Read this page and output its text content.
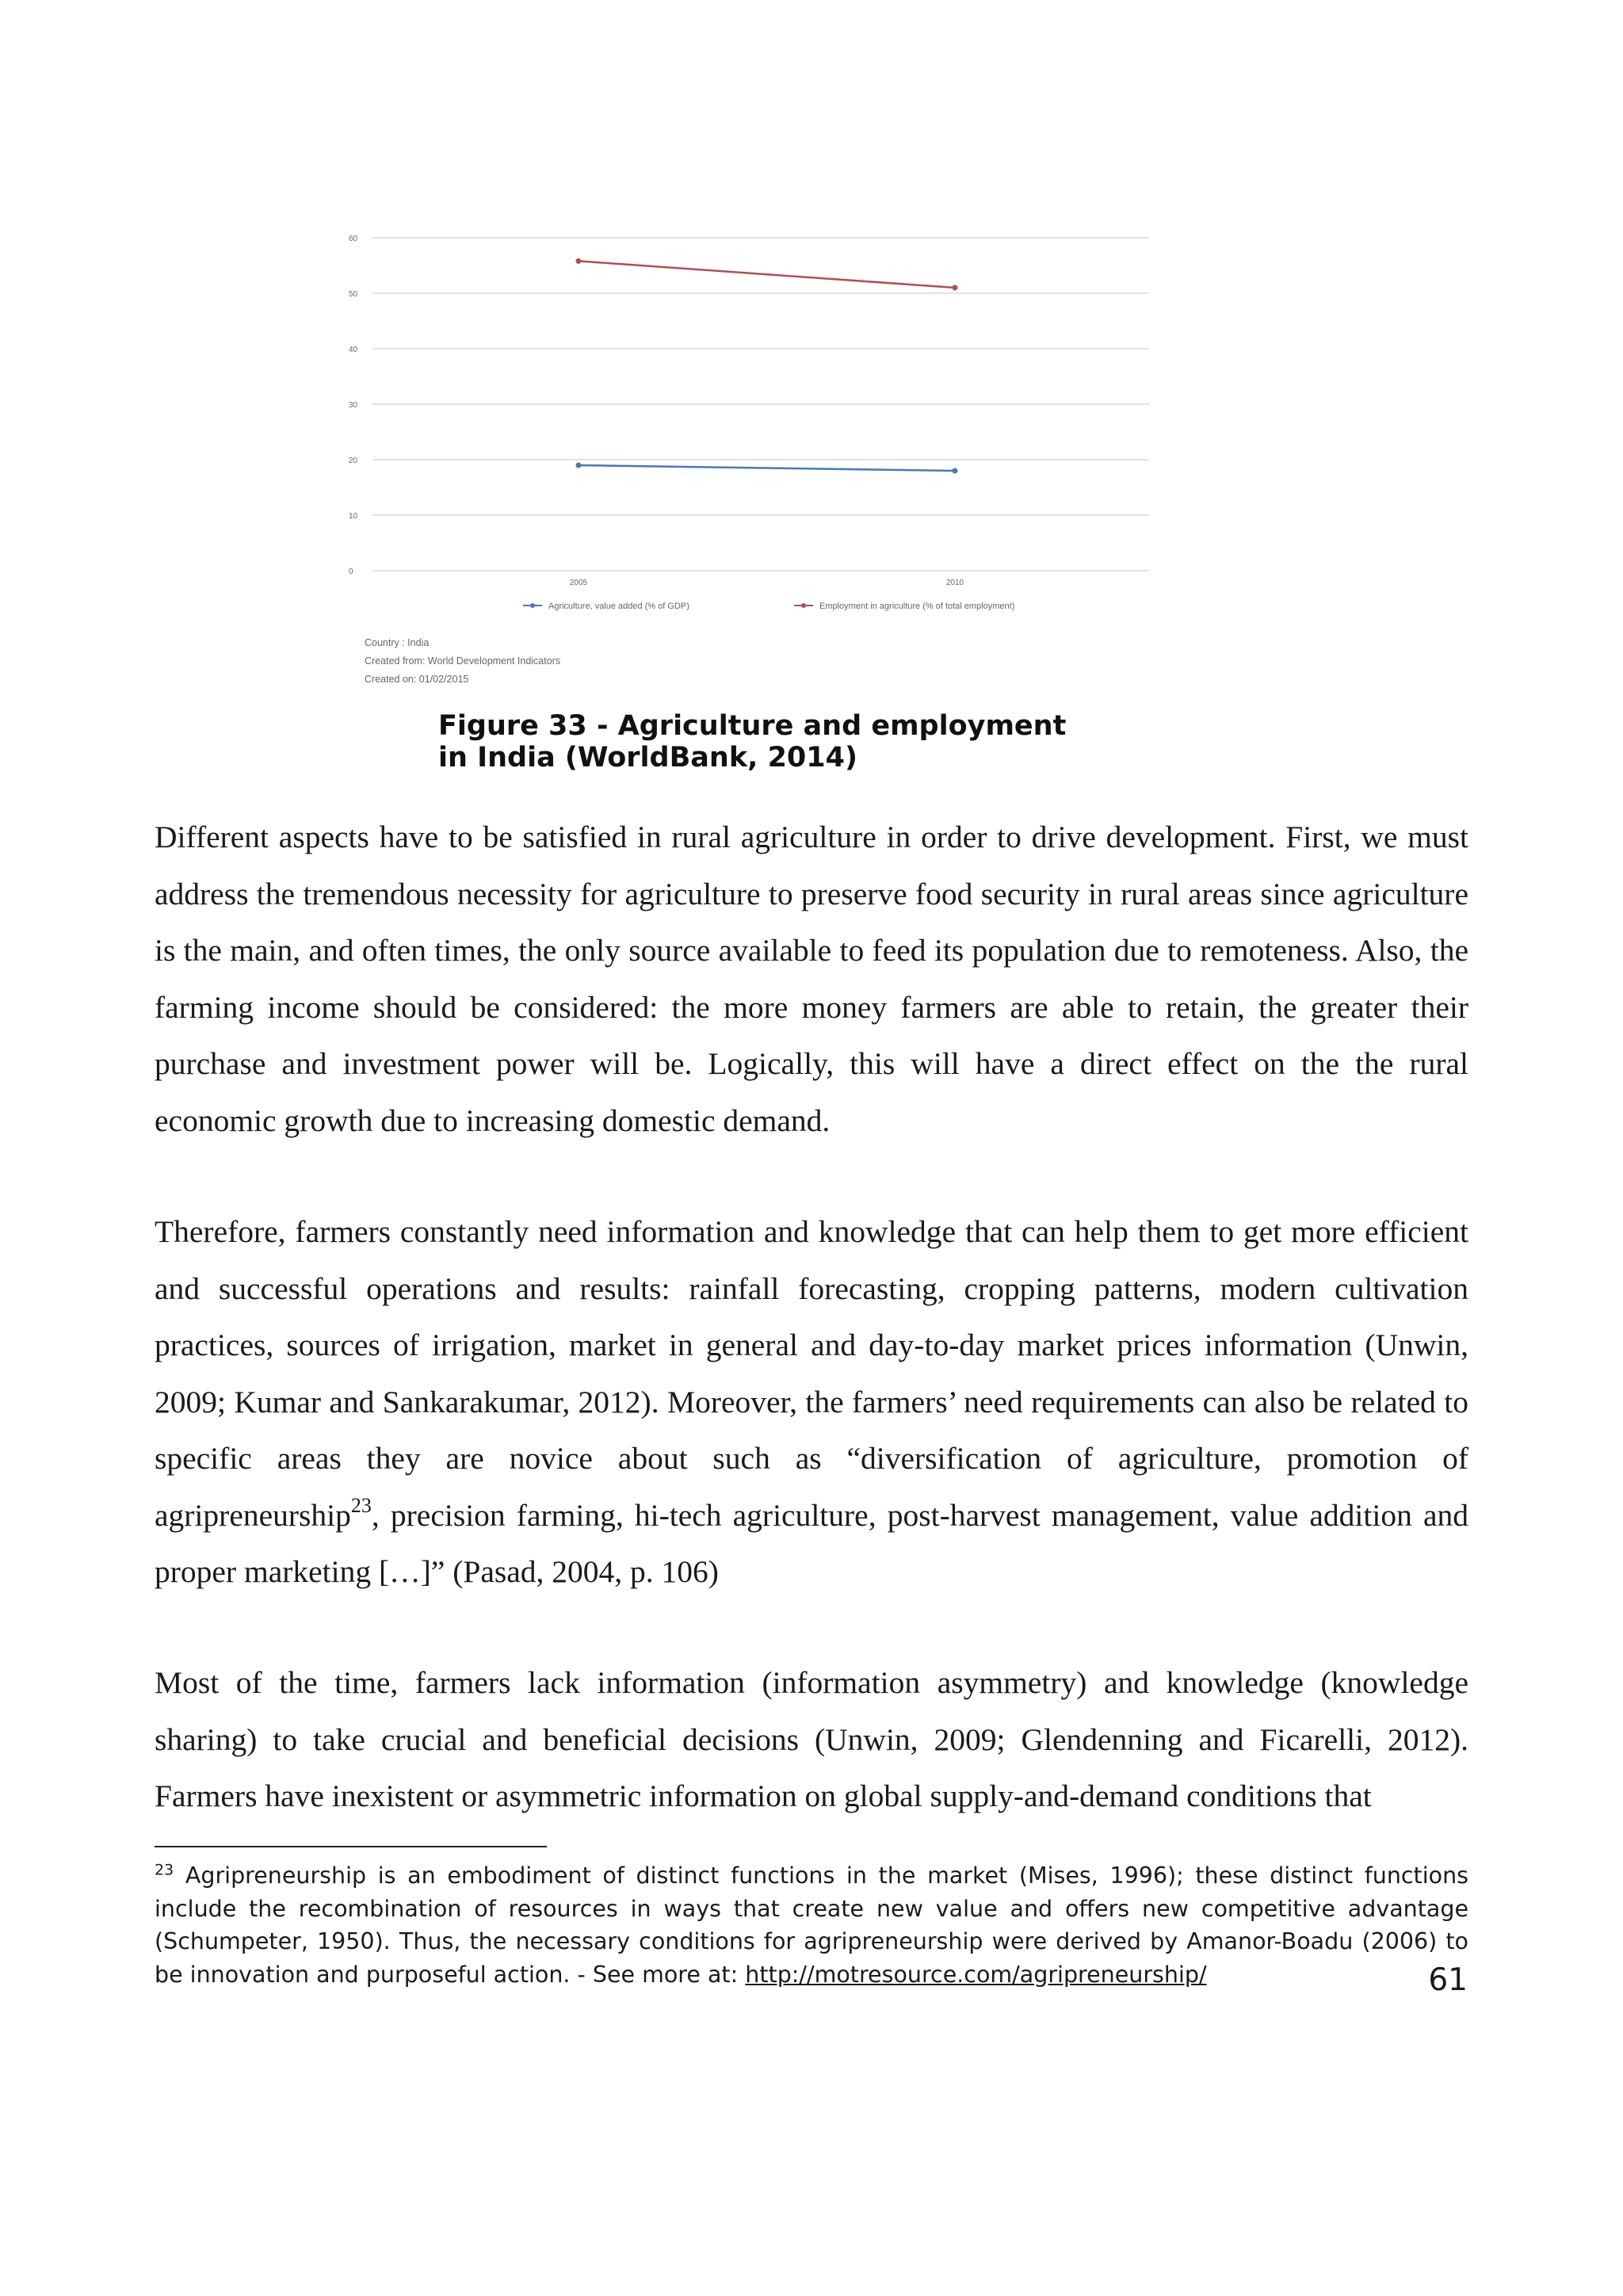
60
50
40
30
20
10
0
2005	2010
Agriculture, value added (% of GDP)	Employment in agriculture (% of total employment)
Country : India
Created from: World Development Indicators
Created on: 01/02/2015
Figure 33 - Agriculture and employment
in India (WorldBank, 2014)

Different aspects have to be satisfied in rural agriculture in order to drive development. First, we must address the tremendous necessity for agriculture to preserve food security in rural areas since agriculture is the main, and often times, the only source available to feed its population due to remoteness. Also, the farming income should be considered: the more money farmers are able to retain, the greater their purchase and investment power will be. Logically, this will have a direct effect on the the rural economic growth due to increasing domestic demand.

Therefore, farmers constantly need information and knowledge that can help them to get more efficient and successful operations and results: rainfall forecasting, cropping patterns, modern cultivation practices, sources of irrigation, market in general and day-to-day market prices information (Unwin, 2009; Kumar and Sankarakumar, 2012). Moreover, the farmers’ need requirements can also be related to specific areas they are novice about such as “diversification of agriculture, promotion of agripreneurship$^{23}$, precision farming, hi-tech agriculture, post-harvest management, value addition and proper marketing […]” (Pasad, 2004, p. 106)

Most of the time, farmers lack information (information asymmetry) and knowledge (knowledge sharing) to take crucial and beneficial decisions (Unwin, 2009; Glendenning and Ficarelli, 2012). Farmers have inexistent or asymmetric information on global supply-and-demand conditions that

$^{23}$ Agripreneurship is an embodiment of distinct functions in the market (Mises, 1996); these distinct functions include the recombination of resources in ways that create new value and offers new competitive advantage (Schumpeter, 1950). Thus, the necessary conditions for agripreneurship were derived by Amanor-Boadu (2006) to be innovation and purposeful action. - See more at: http://motresource.com/agripreneurship/	61
